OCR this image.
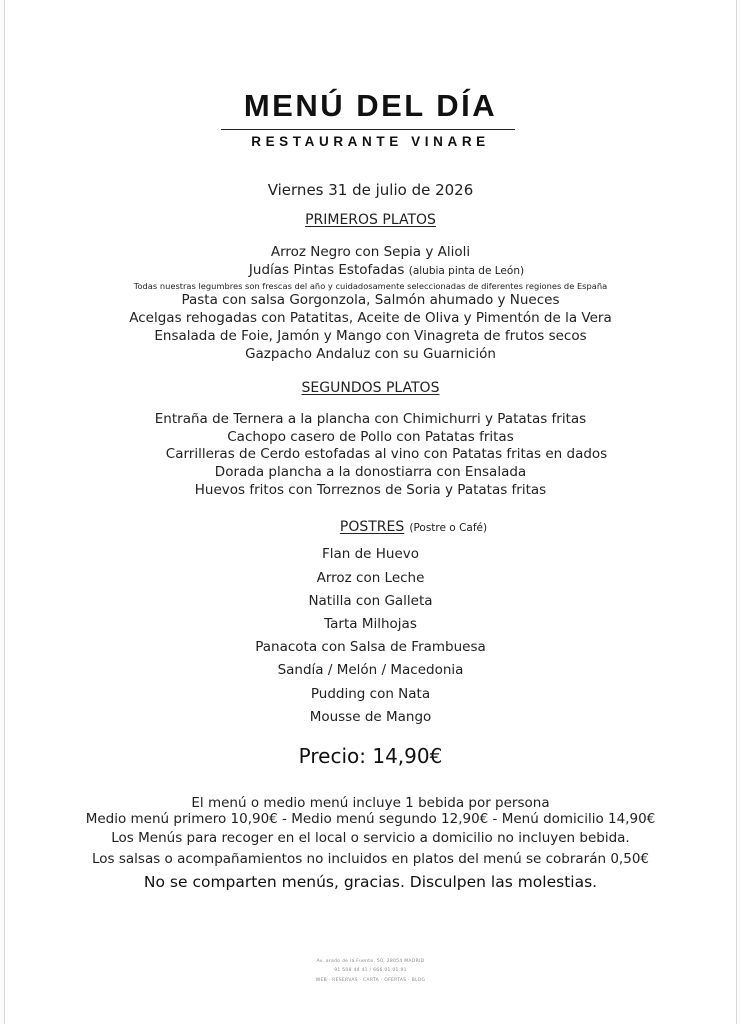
MENÚ DEL DÍA
RESTAURANTE VINARE
Viernes 31 de julio de 2026
PRIMEROS PLATOS
Arroz Negro con Sepia y Alioli
Judías Pintas Estofadas (alubia pinta de León)
Todas nuestras legumbres son frescas del año y cuidadosamente seleccionadas de diferentes regiones de España
Pasta con salsa Gorgonzola, Salmón ahumado y Nueces
Acelgas rehogadas con Patatitas, Aceite de Oliva y Pimentón de la Vera
Ensalada de Foie, Jamón y Mango con Vinagreta de frutos secos
Gazpacho Andaluz con su Guarnición
SEGUNDOS PLATOS
Entraña de Ternera a la plancha con Chimichurri y Patatas fritas
Cachopo casero de Pollo con Patatas fritas
Carrilleras de Cerdo estofadas al vino con Patatas fritas en dados
Dorada plancha a la donostiarra con Ensalada
Huevos fritos con Torreznos de Soria y Patatas fritas
POSTRES (Postre o Café)
Flan de Huevo
Arroz con Leche
Natilla con Galleta
Tarta Milhojas
Panacota con Salsa de Frambuesa
Sandía / Melón / Macedonia
Pudding con Nata
Mousse de Mango
Precio: 14,90€
El menú o medio menú incluye 1 bebida por persona
Medio menú primero 10,90€ - Medio menú segundo 12,90€ - Menú domicilio 14,90€
Los Menús para recoger en el local o servicio a domicilio no incluyen bebida.
Los salsas o acompañamientos no incluidos en platos del menú se cobrarán 0,50€
No se comparten menús, gracias. Disculpen las molestias.
Av. arado de la Fuente, 50, 28054 MADRID
91 508 44 41 / 666 01 01 91
WEB · RESERVAS · CARTA · OFERTAS · BLOG
